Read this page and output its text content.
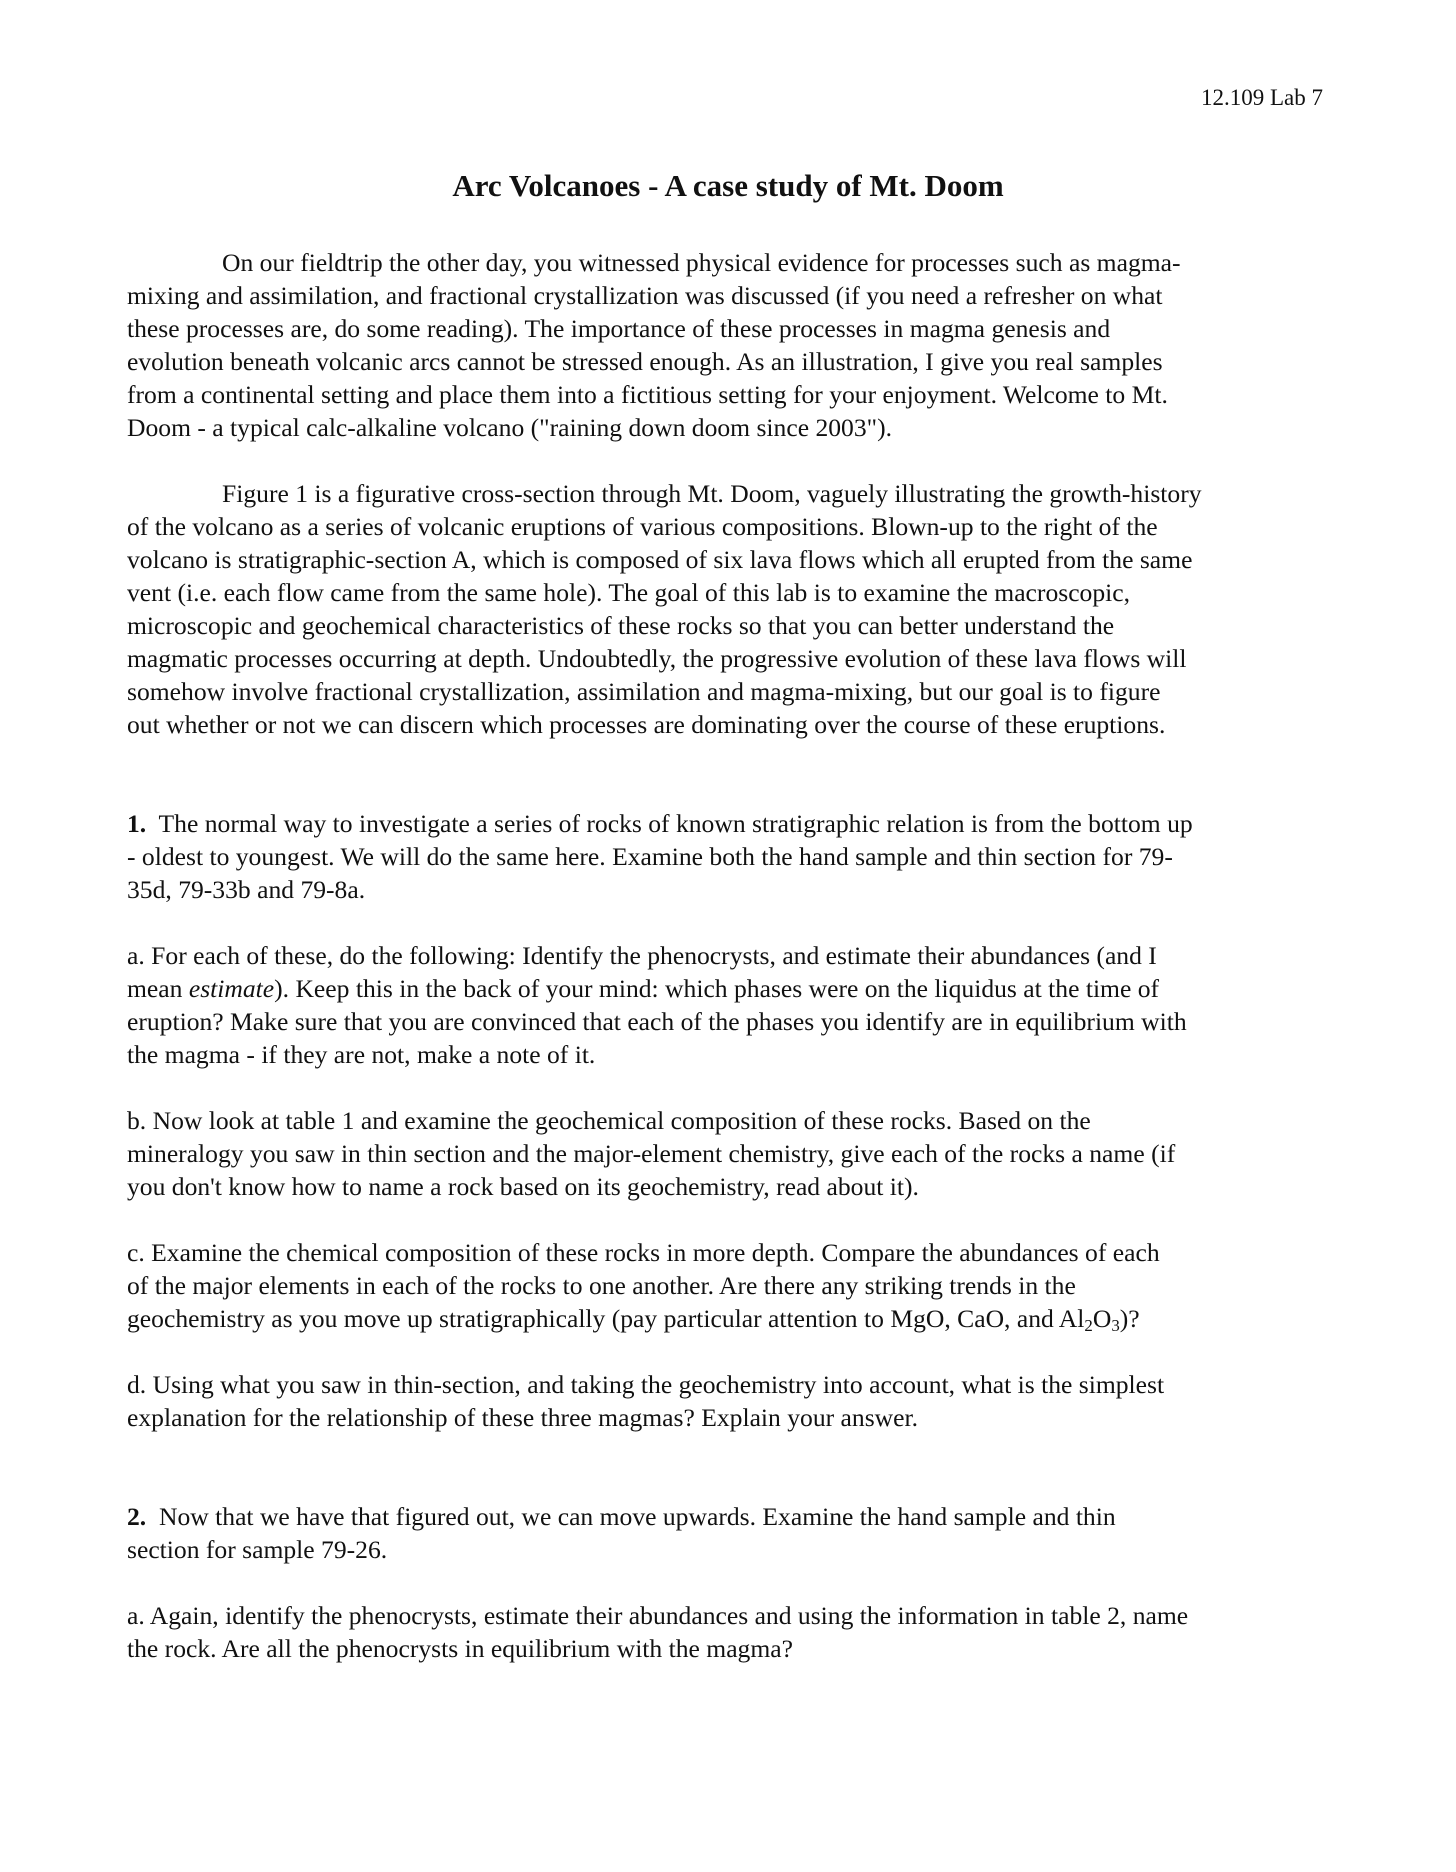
12.109 Lab 7
Arc Volcanoes - A case study of Mt. Doom
On our fieldtrip the other day, you witnessed physical evidence for processes such as magma-
mixing and assimilation, and fractional crystallization was discussed (if you need a refresher on what
these processes are, do some reading). The importance of these processes in magma genesis and
evolution beneath volcanic arcs cannot be stressed enough. As an illustration, I give you real samples
from a continental setting and place them into a fictitious setting for your enjoyment. Welcome to Mt.
Doom - a typical calc-alkaline volcano ("raining down doom since 2003").
Figure 1 is a figurative cross-section through Mt. Doom, vaguely illustrating the growth-history
of the volcano as a series of volcanic eruptions of various compositions. Blown-up to the right of the
volcano is stratigraphic-section A, which is composed of six lava flows which all erupted from the same
vent (i.e. each flow came from the same hole). The goal of this lab is to examine the macroscopic,
microscopic and geochemical characteristics of these rocks so that you can better understand the
magmatic processes occurring at depth. Undoubtedly, the progressive evolution of these lava flows will
somehow involve fractional crystallization, assimilation and magma-mixing, but our goal is to figure
out whether or not we can discern which processes are dominating over the course of these eruptions.
1. The normal way to investigate a series of rocks of known stratigraphic relation is from the bottom up
- oldest to youngest. We will do the same here. Examine both the hand sample and thin section for 79-
35d, 79-33b and 79-8a.
a. For each of these, do the following: Identify the phenocrysts, and estimate their abundances (and I
mean estimate). Keep this in the back of your mind: which phases were on the liquidus at the time of
eruption? Make sure that you are convinced that each of the phases you identify are in equilibrium with
the magma - if they are not, make a note of it.
b. Now look at table 1 and examine the geochemical composition of these rocks. Based on the
mineralogy you saw in thin section and the major-element chemistry, give each of the rocks a name (if
you don't know how to name a rock based on its geochemistry, read about it).
c. Examine the chemical composition of these rocks in more depth. Compare the abundances of each
of the major elements in each of the rocks to one another. Are there any striking trends in the
geochemistry as you move up stratigraphically (pay particular attention to MgO, CaO, and $Al_2O_3$)?
d. Using what you saw in thin-section, and taking the geochemistry into account, what is the simplest
explanation for the relationship of these three magmas? Explain your answer.
2. Now that we have that figured out, we can move upwards. Examine the hand sample and thin
section for sample 79-26.
a. Again, identify the phenocrysts, estimate their abundances and using the information in table 2, name
the rock. Are all the phenocrysts in equilibrium with the magma?
